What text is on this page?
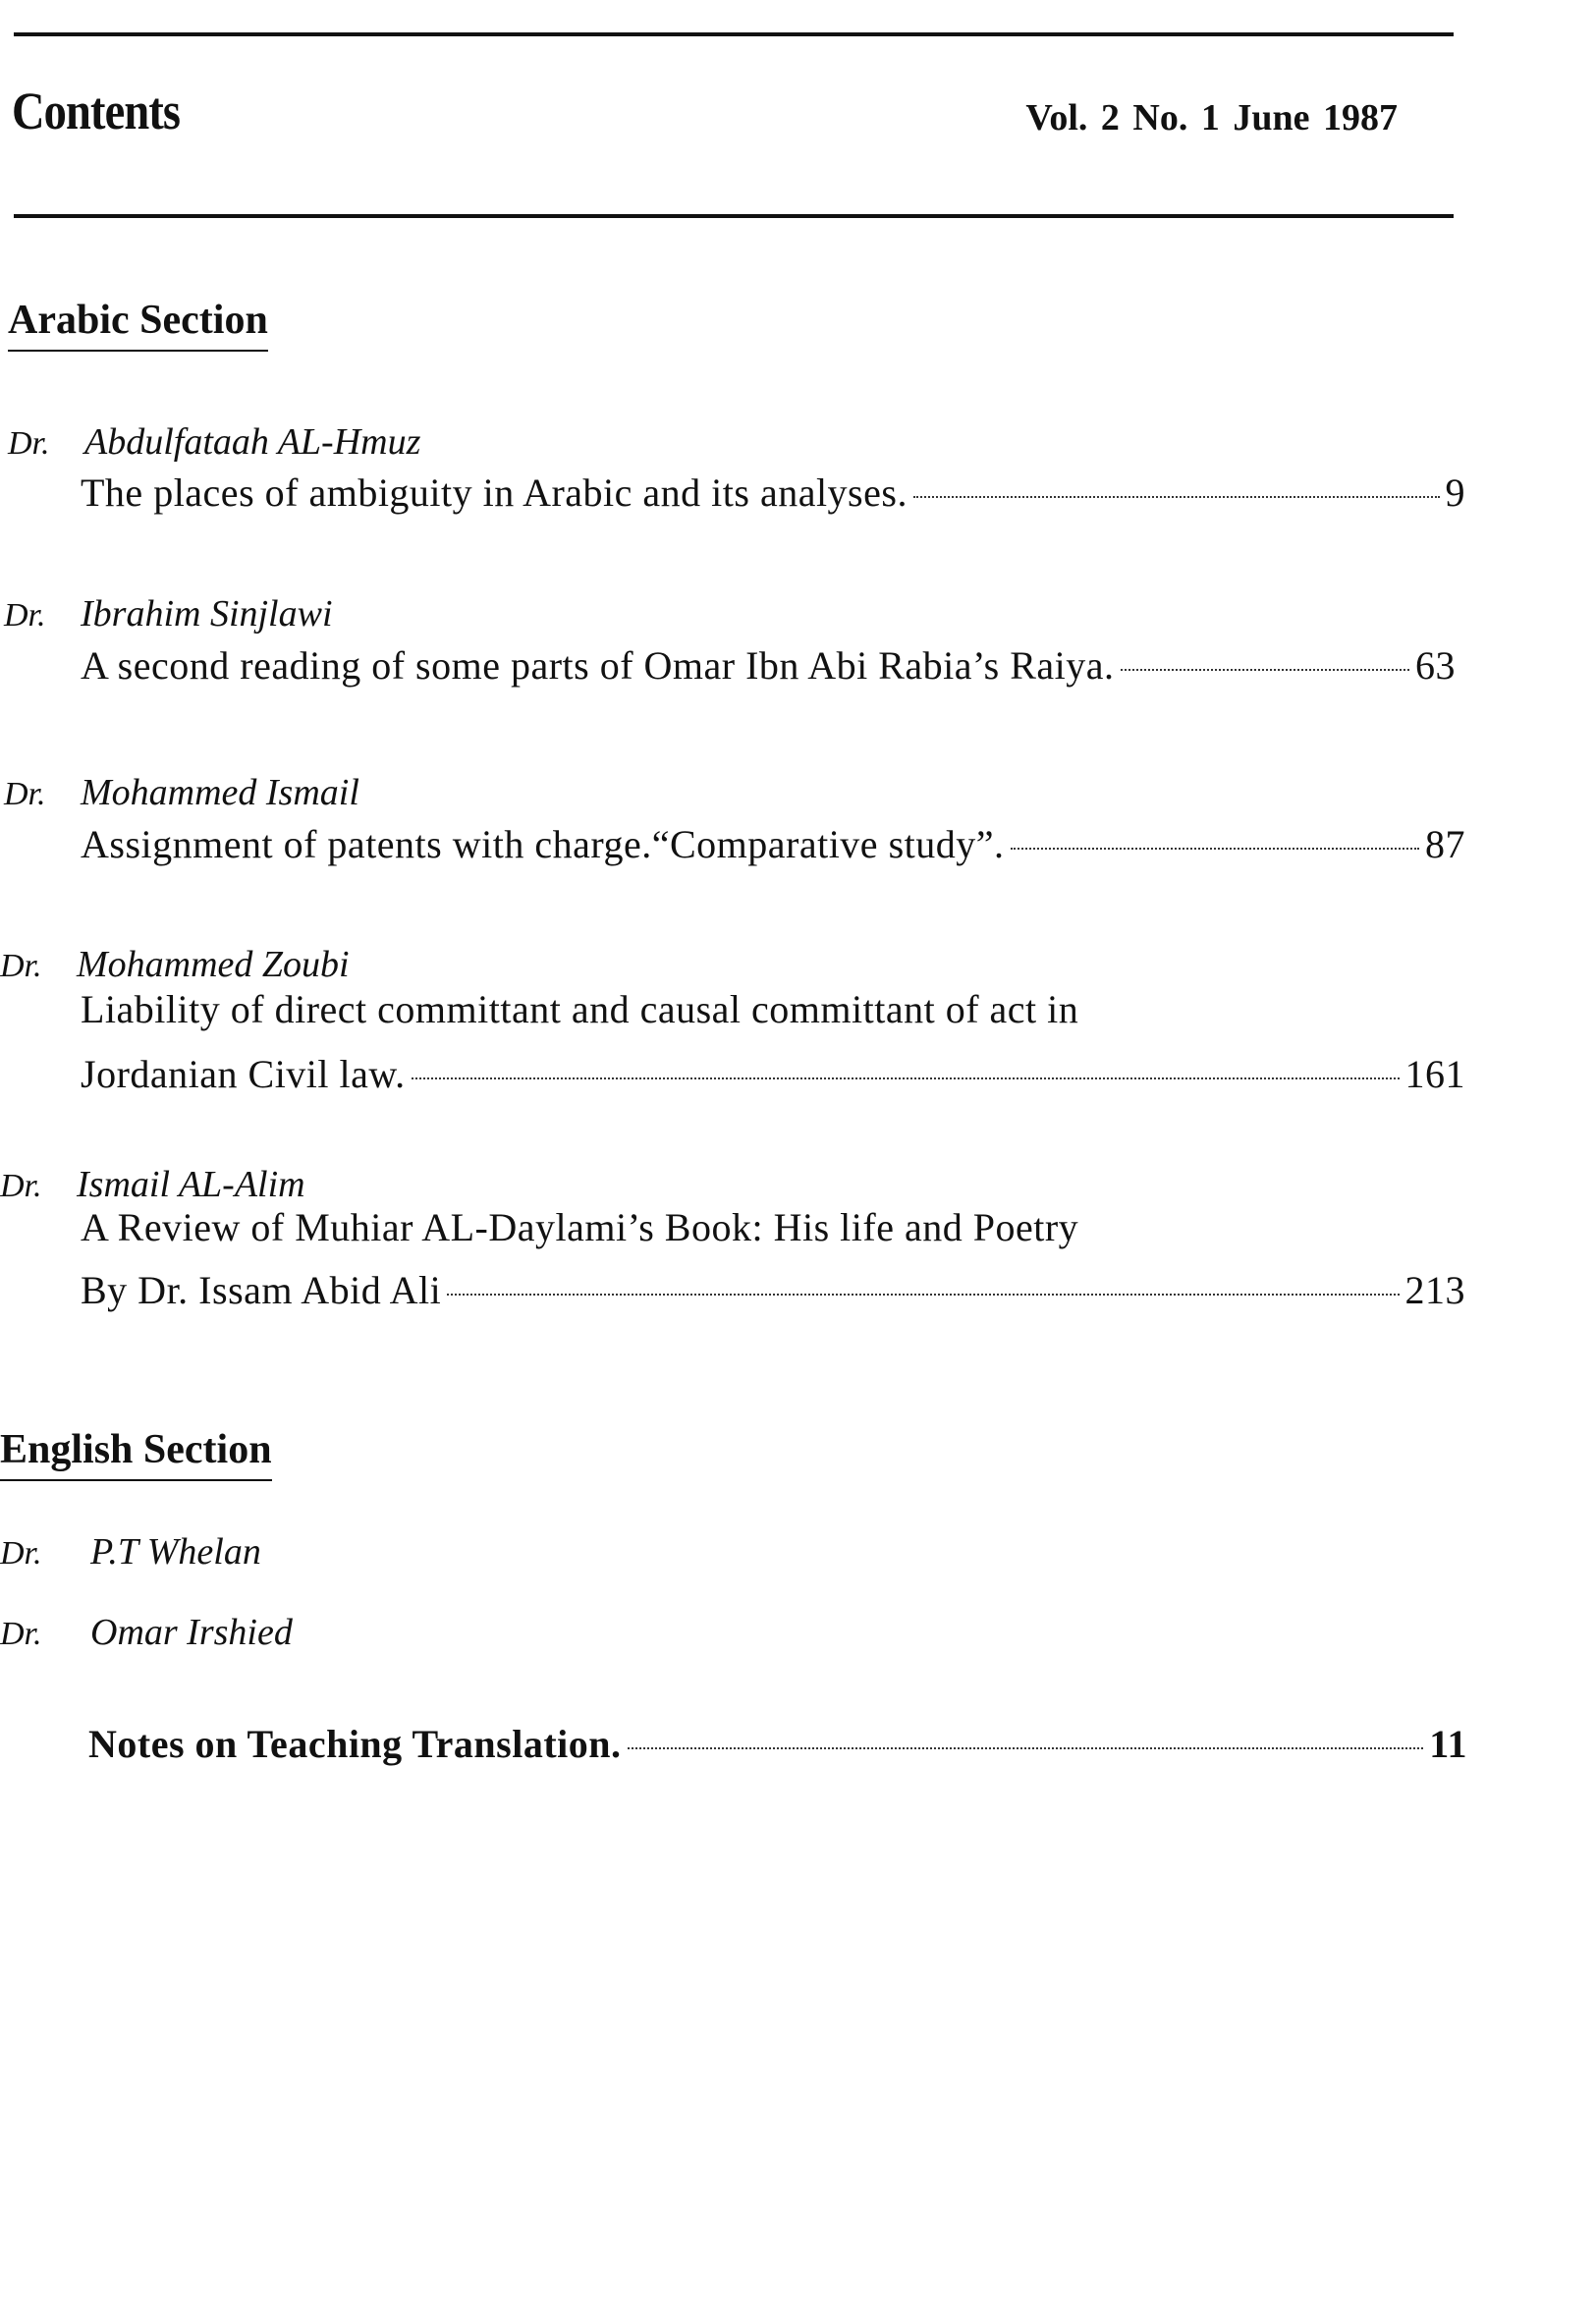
Contents	Vol. 2 No. 1 June 1987
Arabic Section
Dr. Abdulfataah AL-Hmuz
The places of ambiguity in Arabic and its analyses.	9
Dr. Ibrahim Sinjlawi
A second reading of some parts of Omar Ibn Abi Rabia’s Raiya.	63
Dr. Mohammed Ismail
Assignment of patents with charge.“Comparative study”.	87
Dr. Mohammed Zoubi
Liability of direct committant and causal committant of act in
Jordanian Civil law.	161
Dr. Ismail AL-Alim
A Review of Muhiar AL-Daylami’s Book: His life and Poetry
By Dr. Issam Abid Ali	213
English Section
Dr. P.T Whelan
Dr. Omar Irshied
Notes on Teaching Translation.	11
